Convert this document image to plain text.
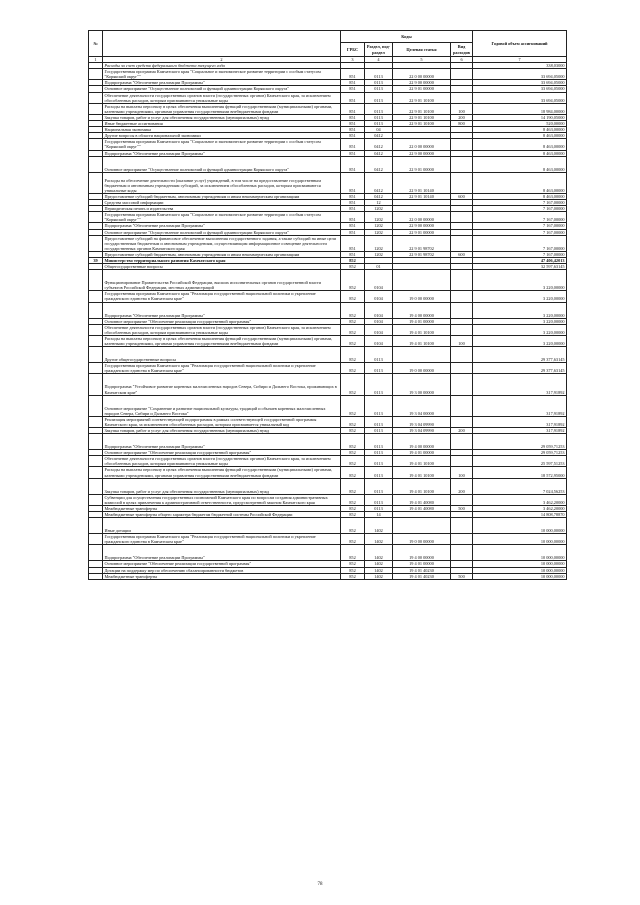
№		Коды				Годовой объем ассигнований
		ГРБС	Раздел, под-раздел	Целевая статья	Вид расходов	
1	2	3	4	5	6	7
	Расходы за счет средств федерального бюджета текущего года					338,03000
	Государственная программа Камчатского края "Социальное и экономическое развитие территории с особым статусом "Корякский округ""	851	0113	22 0 00 00000		33 694,05000
	Подпрограмма "Обеспечение реализации Программы"	851	0113	22 9 00 00000		33 694,05000
	Основное мероприятие "Осуществление полномочий и функций администрации Корякского округа"	851	0113	22 9 01 00000		33 694,05000
	Обеспечение деятельности государственных органов власти (государственных органов) Камчатского края, за исключением обособленных расходов, которым присваиваются уникальные коды	851	0113	22 9 01 10100		33 694,05000
	Расходы на выплаты персоналу в целях обеспечения выполнения функций государственными (муниципальными) органами, казенными учреждениями, органами управления государственными внебюджетными фондами	851	0113	22 9 01 10100	100	18 984,00000
	Закупка товаров, работ и услуг для обеспечения государственных (муниципальных) нужд	851	0113	22 9 01 10100	200	14 190,05000
	Иные бюджетные ассигнования	851	0113	22 9 01 10100	800	520,00000
	Национальная экономика	851	04			8 463,00000
	Другие вопросы в области национальной экономики	851	0412			8 463,00000
	Государственная программа Камчатского края "Социальное и экономическое развитие территории с особым статусом "Корякский округ""	851	0412	22 0 00 00000		8 463,00000
	Подпрограмма "Обеспечение реализации Программы"	851	0412	22 9 00 00000		8 463,00000
	Основное мероприятие "Осуществление полномочий и функций администрации Корякского округа"	851	0412	22 9 01 00000		8 463,00000
	Расходы на обеспечение деятельности (оказание услуг) учреждений, в том числе на предоставление государственным бюджетным и автономным учреждениям субсидий, за исключением обособленных расходов, которым присваиваются уникальные коды	851	0412	22 9 01 10140		8 463,00000
	Предоставление субсидий бюджетным, автономным учреждениям и иным некоммерческим организациям	851	0412	22 9 01 10140	600	8 463,00000
	Средства массовой информации	851	12			7 167,00000
	Периодическая печать и издательства	851	1202			7 167,00000
	Государственная программа Камчатского края "Социальное и экономическое развитие территории с особым статусом "Корякский округ""	851	1202	22 0 00 00000		7 167,00000
	Подпрограмма "Обеспечение реализации Программы"	851	1202	22 9 00 00000		7 167,00000
	Основное мероприятие "Осуществление полномочий и функций администрации Корякского округа"	851	1202	22 9 01 00000		7 167,00000
	Предоставление субсидий на финансовое обеспечение выполнения государственного задания, а также субсидий на иные цели государственным бюджетным и автономным учреждениям, осуществляющим информационное освещение деятельности государственных органов Камчатского края	851	1202	22 9 01 98702		7 167,00000
	Предоставление субсидий бюджетным, автономным учреждениям и иным некоммерческим организациям	851	1202	22 9 01 98702	600	7 167,00000
39	Министерство территориального развития Камчатского края	852				47 406,42013
	Общегосударственные вопросы	852	01			32 597,63145
	Функционирование Правительства Российской Федерации, высших исполнительных органов государственной власти субъектов Российской Федерации, местных администраций	852	0104			3 220,00000
	Государственная программа Камчатского края "Реализация государственной национальной политики и укрепление гражданского единства в Камчатском крае"	852	0104	19 0 00 00000		3 220,00000
	Подпрограмма "Обеспечение реализации Программы"	852	0104	19 4 00 00000		3 220,00000
	Основное мероприятие "Обеспечение реализации государственной программы"	852	0104	19 4 01 00000		3 220,00000
	Обеспечение деятельности государственных органов власти (государственных органов) Камчатского края, за исключением обособленных расходов, которым присваиваются уникальные коды	852	0104	19 4 01 10100		3 220,00000
	Расходы на выплаты персоналу в целях обеспечения выполнения функций государственными (муниципальными) органами, казенными учреждениями, органами управления государственными внебюджетными фондами	852	0104	19 4 01 10100	100	3 220,00000
	Другие общегосударственные вопросы	852	0113			29 377,63145
	Государственная программа Камчатского края "Реализация государственной национальной политики и укрепление гражданского единства в Камчатском крае"	852	0113	19 0 00 00000		29 377,63145
	Подпрограмма "Устойчивое развитие коренных малочисленных народов Севера, Сибири и Дальнего Востока, проживающих в Камчатском крае"	852	0113	19 3 00 00000		317,91892
	Основное мероприятие "Сохранение и развитие национальной культуры, традиций и обычаев коренных малочисленных народов Севера, Сибири и Дальнего Востока"	852	0113	19 3 04 00000		317,91892
	Реализация мероприятий соответствующей подпрограммы в рамках соответствующей государственной программы Камчатского края, за исключением обособленных расходов, которым присваивается уникальный код	852	0113	19 3 04 09990		317,91892
	Закупка товаров, работ и услуг для обеспечения государственных (муниципальных) нужд	852	0113	19 3 04 09990	200	317,91892
	Подпрограмма "Обеспечение реализации Программы"	852	0113	19 4 00 00000		29 059,71253
	Основное мероприятие "Обеспечение реализации государственной программы"	852	0113	19 4 01 00000		29 059,71253
	Обеспечение деятельности государственных органов власти (государственных органов) Камчатского края, за исключением обособленных расходов, которым присваиваются уникальные коды	852	0113	19 4 01 10100		25 597,51253
	Расходы на выплаты персоналу в целях обеспечения выполнения функций государственными (муниципальными) органами, казенными учреждениями, органами управления государственными внебюджетными фондами	852	0113	19 4 01 10100	100	18 572,95000
	Закупка товаров, работ и услуг для обеспечения государственных (муниципальных) нужд	852	0113	19 4 01 10100	200	7 024,56253
	Субвенции для осуществления государственных полномочий Камчатского края по вопросам создания административных комиссий в целях привлечения к административной ответственности, предусмотренной законом Камчатского края	852	0113	19 4 01 40080		3 462,20000
	Межбюджетные трансферты	852	0113	19 4 01 40080	500	3 462,20000
	Межбюджетные трансферты общего характера бюджетам бюджетной системы Российской Федерации	852	14			14 808,78870
	Иные дотации	852	1402			10 000,00000
	Государственная программа Камчатского края "Реализация государственной национальной политики и укрепление гражданского единства в Камчатском крае"	852	1402	19 0 00 00000		10 000,00000
	Подпрограмма "Обеспечение реализации Программы"	852	1402	19 4 00 00000		10 000,00000
	Основное мероприятие "Обеспечение реализации государственной программы"	852	1402	19 4 01 00000		10 000,00000
	Дотации на поддержку мер по обеспечению сбалансированности бюджетов	852	1402	19 4 01 40230		10 000,00000
	Межбюджетные трансферты	852	1402	19 4 01 40230	500	10 000,00000
78
